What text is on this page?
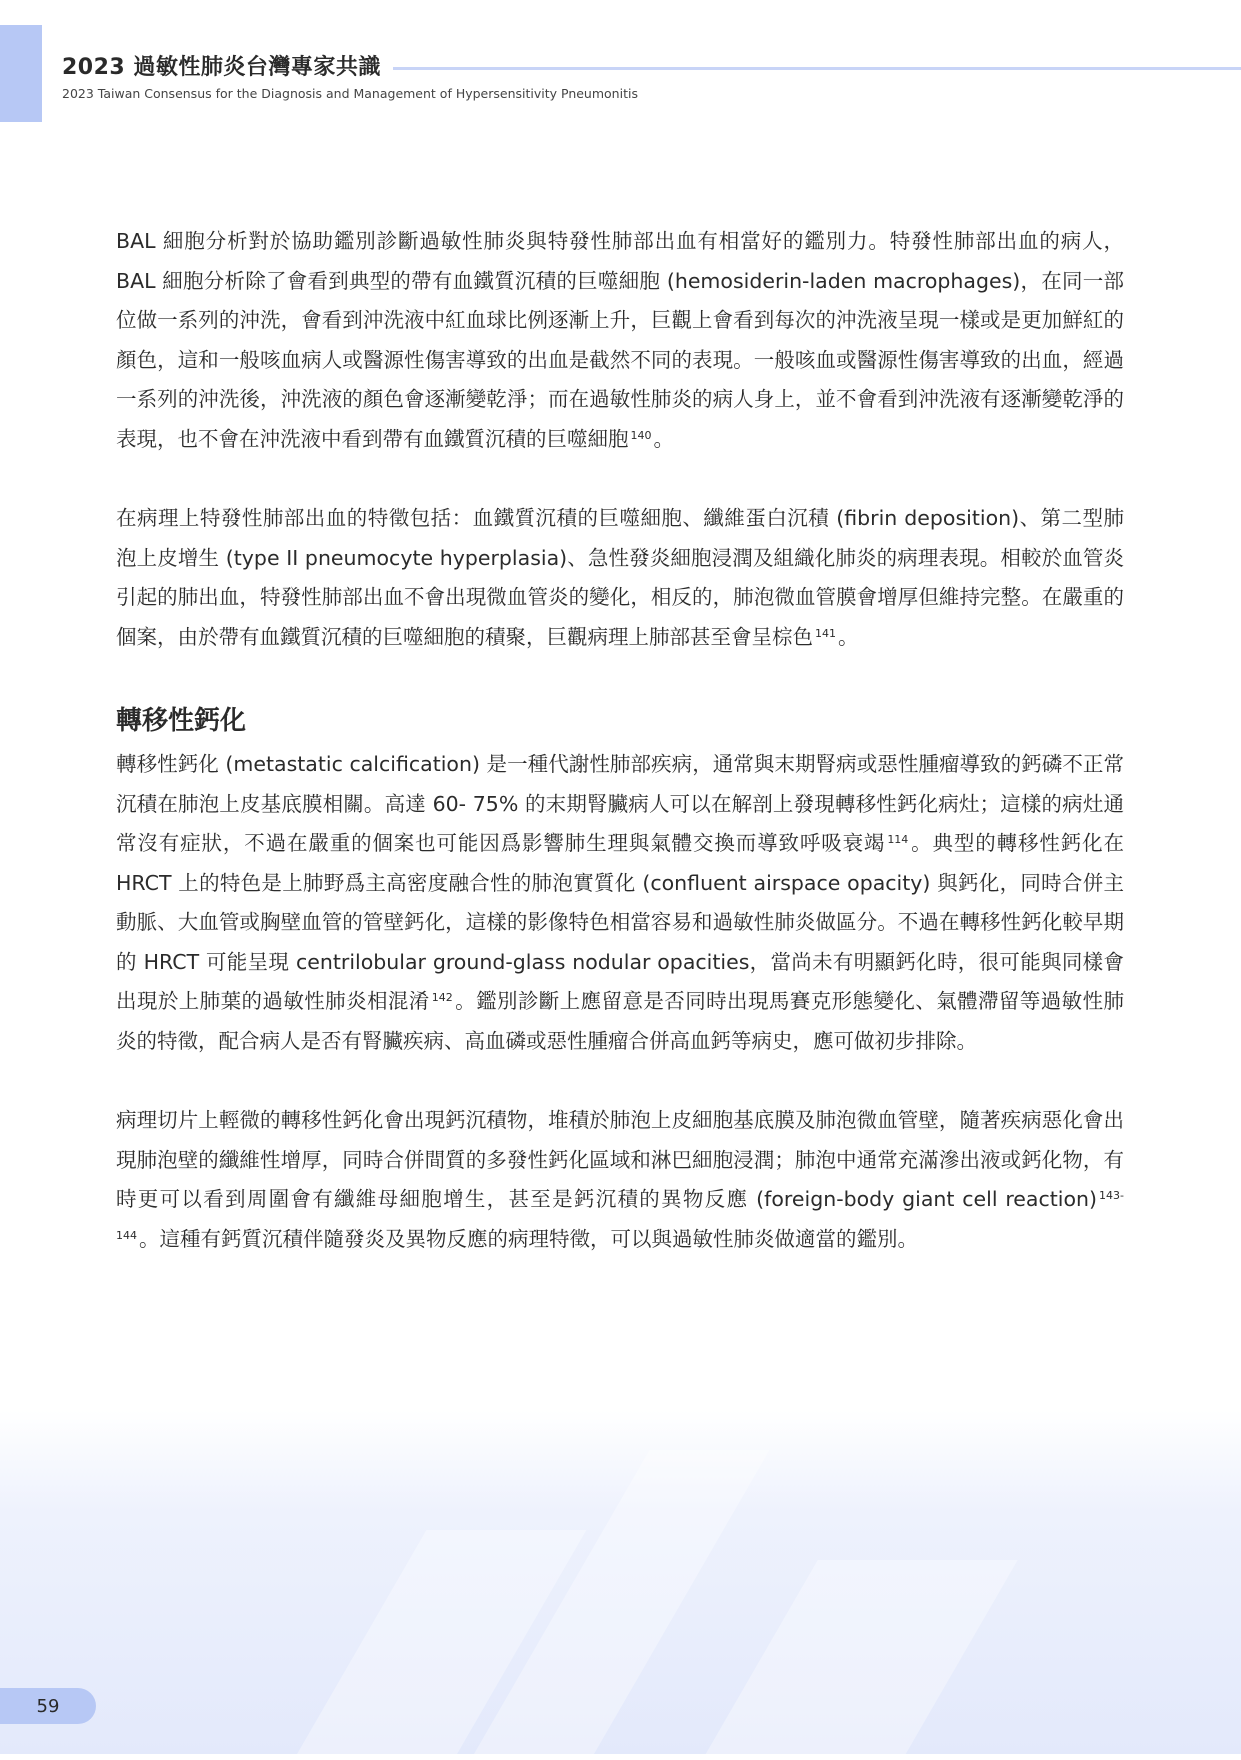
2023 過敏性肺炎台灣專家共識
2023 Taiwan Consensus for the Diagnosis and Management of Hypersensitivity Pneumonitis

BAL 細胞分析對於協助鑑別診斷過敏性肺炎與特發性肺部出血有相當好的鑑別力。特發性肺部出血的病人，BAL 細胞分析除了會看到典型的帶有血鐵質沉積的巨噬細胞 (hemosiderin-laden macrophages)，在同一部位做一系列的沖洗，會看到沖洗液中紅血球比例逐漸上升，巨觀上會看到每次的沖洗液呈現一樣或是更加鮮紅的顏色，這和一般咳血病人或醫源性傷害導致的出血是截然不同的表現。一般咳血或醫源性傷害導致的出血，經過一系列的沖洗後，沖洗液的顏色會逐漸變乾淨；而在過敏性肺炎的病人身上，並不會看到沖洗液有逐漸變乾淨的表現，也不會在沖洗液中看到帶有血鐵質沉積的巨噬細胞 $^{140}$。

在病理上特發性肺部出血的特徵包括：血鐵質沉積的巨噬細胞、纖維蛋白沉積 (fibrin deposition)、第二型肺泡上皮增生 (type II pneumocyte hyperplasia)、急性發炎細胞浸潤及組織化肺炎的病理表現。相較於血管炎引起的肺出血，特發性肺部出血不會出現微血管炎的變化，相反的，肺泡微血管膜會增厚但維持完整。在嚴重的個案，由於帶有血鐵質沉積的巨噬細胞的積聚，巨觀病理上肺部甚至會呈棕色 $^{141}$。

轉移性鈣化

轉移性鈣化 (metastatic calcification) 是一種代謝性肺部疾病，通常與末期腎病或惡性腫瘤導致的鈣磷不正常沉積在肺泡上皮基底膜相關。高達 60- 75% 的末期腎臟病人可以在解剖上發現轉移性鈣化病灶；這樣的病灶通常沒有症狀，不過在嚴重的個案也可能因爲影響肺生理與氣體交換而導致呼吸衰竭 $^{114}$。典型的轉移性鈣化在 HRCT 上的特色是上肺野爲主高密度融合性的肺泡實質化 (confluent airspace opacity) 與鈣化，同時合併主動脈、大血管或胸壁血管的管壁鈣化，這樣的影像特色相當容易和過敏性肺炎做區分。不過在轉移性鈣化較早期的 HRCT 可能呈現 centrilobular ground-glass nodular opacities，當尚未有明顯鈣化時，很可能與同樣會出現於上肺葉的過敏性肺炎相混淆 $^{142}$。鑑別診斷上應留意是否同時出現馬賽克形態變化、氣體滯留等過敏性肺炎的特徵，配合病人是否有腎臟疾病、高血磷或惡性腫瘤合併高血鈣等病史，應可做初步排除。

病理切片上輕微的轉移性鈣化會出現鈣沉積物，堆積於肺泡上皮細胞基底膜及肺泡微血管壁，隨著疾病惡化會出現肺泡壁的纖維性增厚，同時合併間質的多發性鈣化區域和淋巴細胞浸潤；肺泡中通常充滿滲出液或鈣化物，有時更可以看到周圍會有纖維母細胞增生，甚至是鈣沉積的異物反應 (foreign-body giant cell reaction) $^{143-144}$。這種有鈣質沉積伴隨發炎及異物反應的病理特徵，可以與過敏性肺炎做適當的鑑別。

59
